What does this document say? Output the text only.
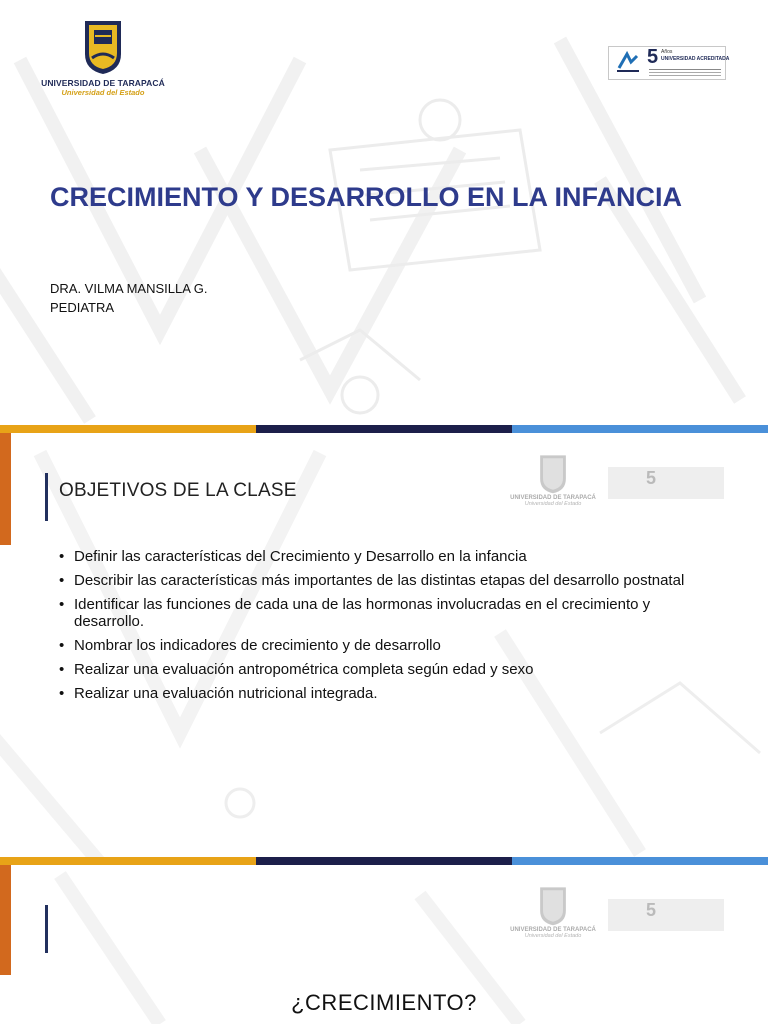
UNIVERSIDAD DE TARAPACÁ
Universidad del Estado
5 Años
UNIVERSIDAD ACREDITADA
CRECIMIENTO Y DESARROLLO EN LA INFANCIA
DRA. VILMA MANSILLA G.
PEDIATRA
UNIVERSIDAD DE TARAPACÁ
Universidad del Estado
5
OBJETIVOS DE LA CLASE
• Definir las características del Crecimiento y Desarrollo en la infancia
• Describir las características más importantes de las distintas etapas del desarrollo postnatal
• Identificar las funciones de cada una de las hormonas involucradas en el crecimiento y desarrollo.
• Nombrar los indicadores de crecimiento y de desarrollo
• Realizar una evaluación antropométrica completa según edad y sexo
• Realizar una evaluación nutricional integrada.
UNIVERSIDAD DE TARAPACÁ
Universidad del Estado
5
¿CRECIMIENTO?
